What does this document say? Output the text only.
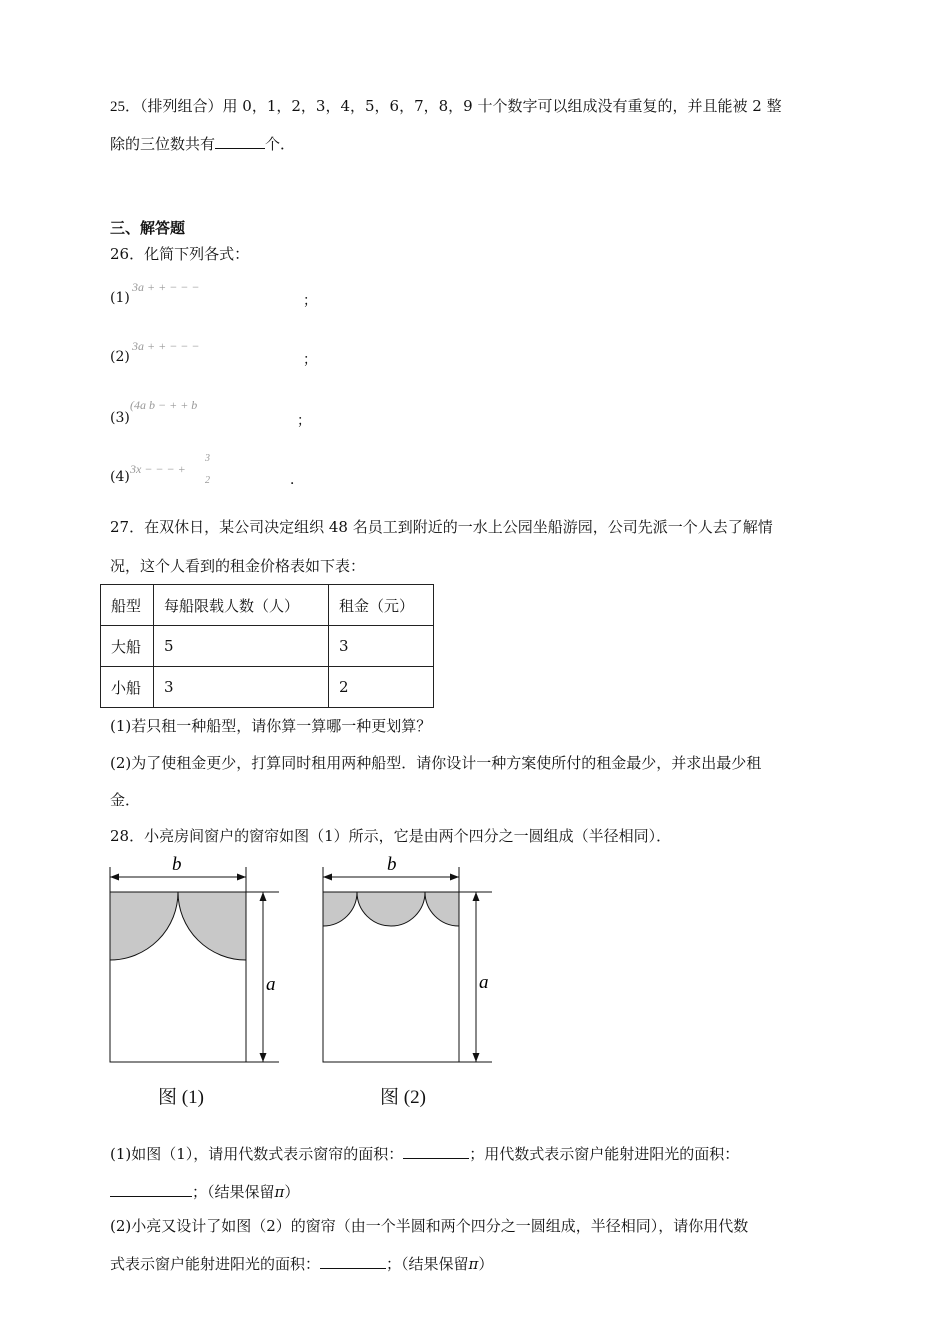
25．（排列组合）用 0，1，2，3，4，5，6，7，8，9 十个数字可以组成没有重复的，并且能被 2 整
除的三位数共有	个．
三、解答题
26．化简下列各式：
(1)
3a + + − − −
；
(2)
3a + + − − −
；
(3)
(4a b − + + b
；
(4) 3x − − − +
3
2	．
27．在双休日，某公司决定组织 48 名员工到附近的一水上公园坐船游园，公司先派一个人去了解情
况，这个人看到的租金价格表如下表：
船型	每船限载人数（人）	租金（元）
大船	5	3
小船	3	2
(1)若只租一种船型，请你算一算哪一种更划算？
(2)为了使租金更少，打算同时租用两种船型．请你设计一种方案使所付的租金最少，并求出最少租
金．
28．小亮房间窗户的窗帘如图（1）所示，它是由两个四分之一圆组成（半径相同）．
b
a
b
a
图 (1)	图 (2)
(1)如图（1），请用代数式表示窗帘的面积：	；用代数式表示窗户能射进阳光的面积：
；（结果保留π）
(2)小亮又设计了如图（2）的窗帘（由一个半圆和两个四分之一圆组成，半径相同），请你用代数
式表示窗户能射进阳光的面积：	；（结果保留π）
